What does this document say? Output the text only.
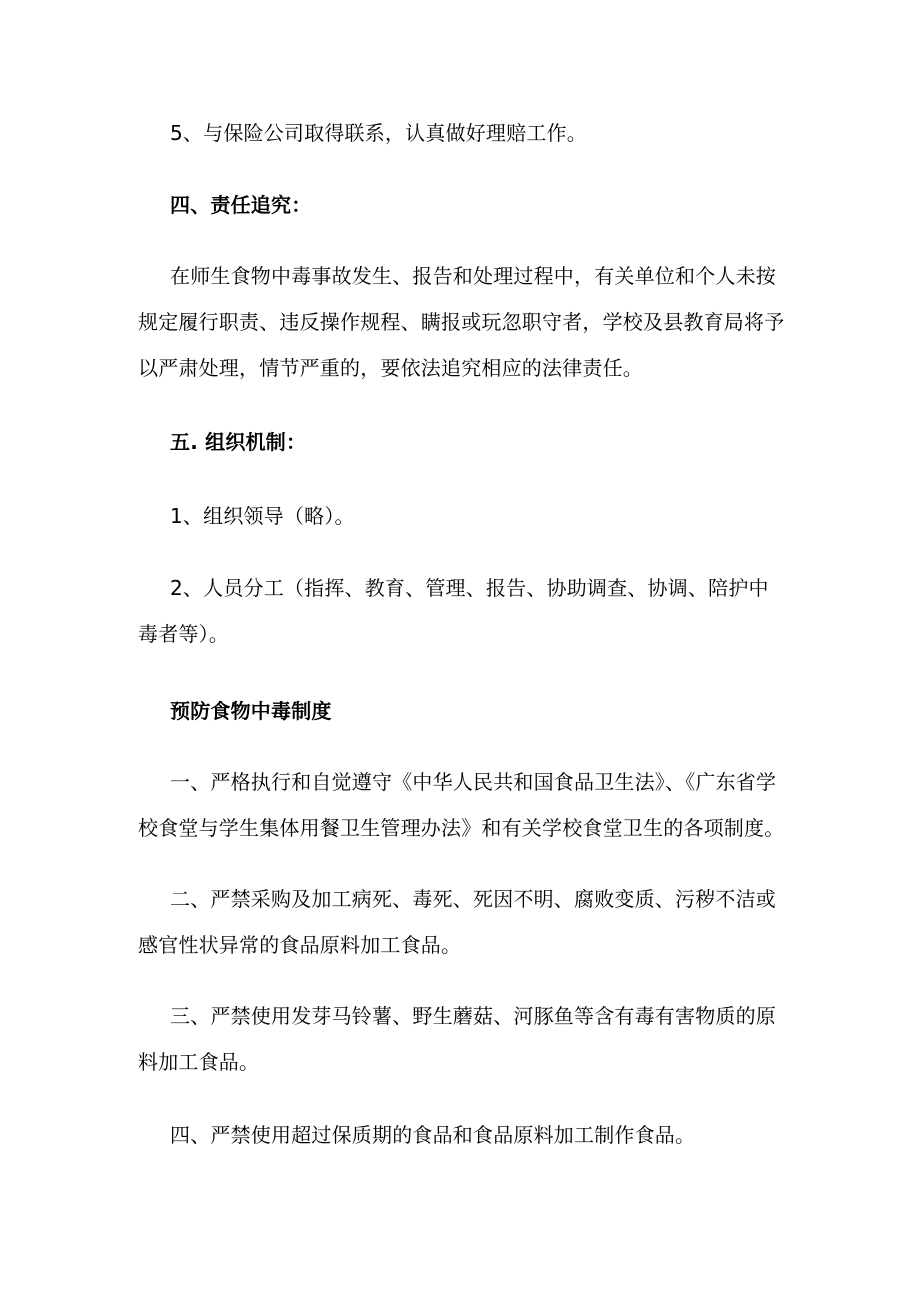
5、与保险公司取得联系，认真做好理赔工作。

四、责任追究：

在师生食物中毒事故发生、报告和处理过程中，有关单位和个人未按规定履行职责、违反操作规程、瞒报或玩忽职守者，学校及县教育局将予以严肃处理，情节严重的，要依法追究相应的法律责任。

五. 组织机制：

1、组织领导（略）。

2、人员分工（指挥、教育、管理、报告、协助调查、协调、陪护中毒者等）。

预防食物中毒制度

一、严格执行和自觉遵守《中华人民共和国食品卫生法》、《广东省学校食堂与学生集体用餐卫生管理办法》和有关学校食堂卫生的各项制度。

二、严禁采购及加工病死、毒死、死因不明、腐败变质、污秽不洁或感官性状异常的食品原料加工食品。

三、严禁使用发芽马铃薯、野生蘑菇、河豚鱼等含有毒有害物质的原料加工食品。

四、严禁使用超过保质期的食品和食品原料加工制作食品。
